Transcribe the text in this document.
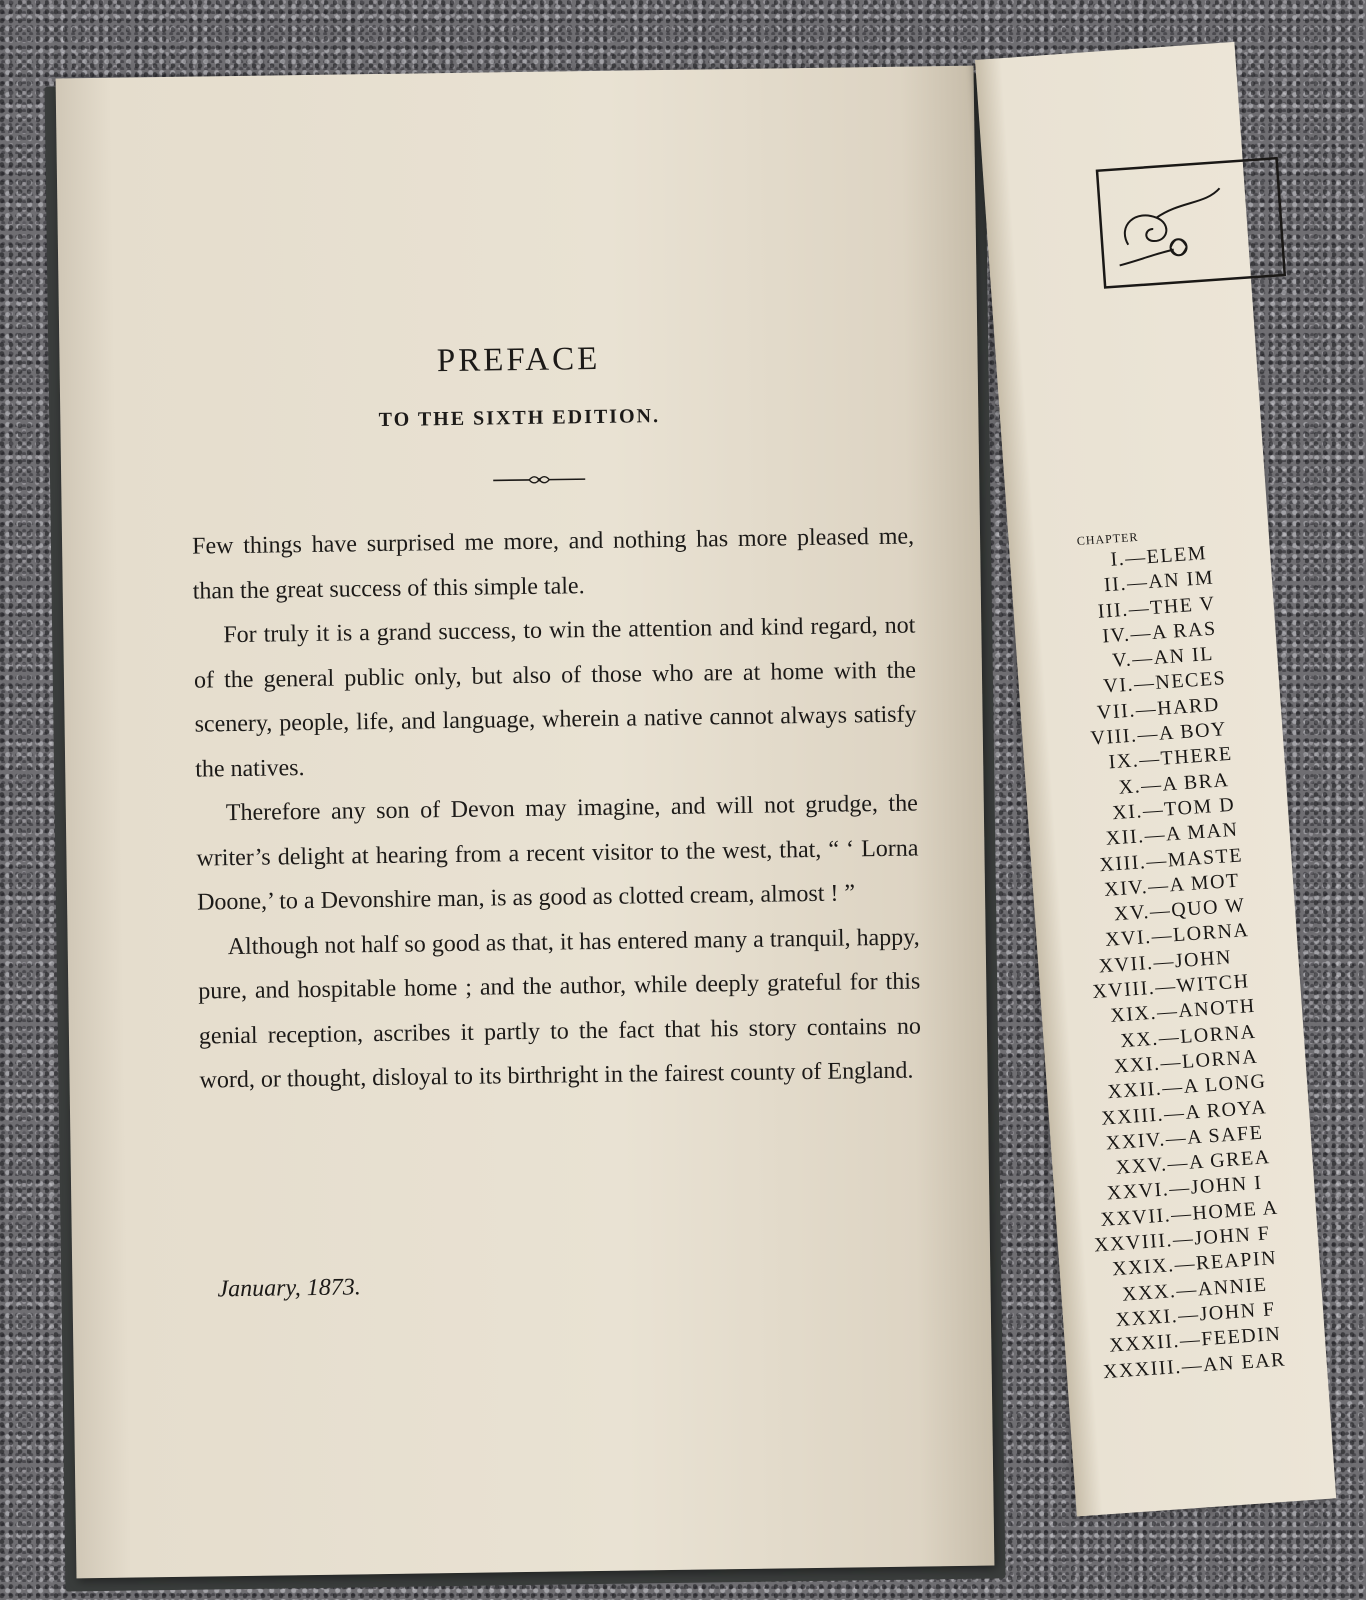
PREFACE
TO THE SIXTH EDITION.

Few things have surprised me more, and nothing has more pleased me, than the great success of this simple tale.

For truly it is a grand success, to win the attention and kind regard, not of the general public only, but also of those who are at home with the scenery, people, life, and language, wherein a native cannot always satisfy the natives.

Therefore any son of Devon may imagine, and will not grudge, the writer’s delight at hearing from a recent visitor to the west, that, “ ‘ Lorna Doone,’ to a Devonshire man, is as good as clotted cream, almost ! ”

Although not half so good as that, it has entered many a tranquil, happy, pure, and hospitable home ; and the author, while deeply grateful for this genial reception, ascribes it partly to the fact that his story contains no word, or thought, disloyal to its birthright in the fairest county of England.

January, 1873.
CHAPTER
I.—ELEM
II.—AN IM
III.—THE V
IV.—A RAS
V.—AN IL
VI.—NECES
VII.—HARD
VIII.—A BOY
IX.—THERE
X.—A BRA
XI.—TOM D
XII.—A MAN
XIII.—MASTE
XIV.—A MOT
XV.—QUO W
XVI.—LORNA
XVII.—JOHN
XVIII.—WITCH
XIX.—ANOTH
XX.—LORNA
XXI.—LORNA
XXII.—A LONG
XXIII.—A ROYA
XXIV.—A SAFE
XXV.—A GREA
XXVI.—JOHN I
XXVII.—HOME A
XXVIII.—JOHN F
XXIX.—REAPIN
XXX.—ANNIE
XXXI.—JOHN F
XXXII.—FEEDIN
XXXIII.—AN EAR
